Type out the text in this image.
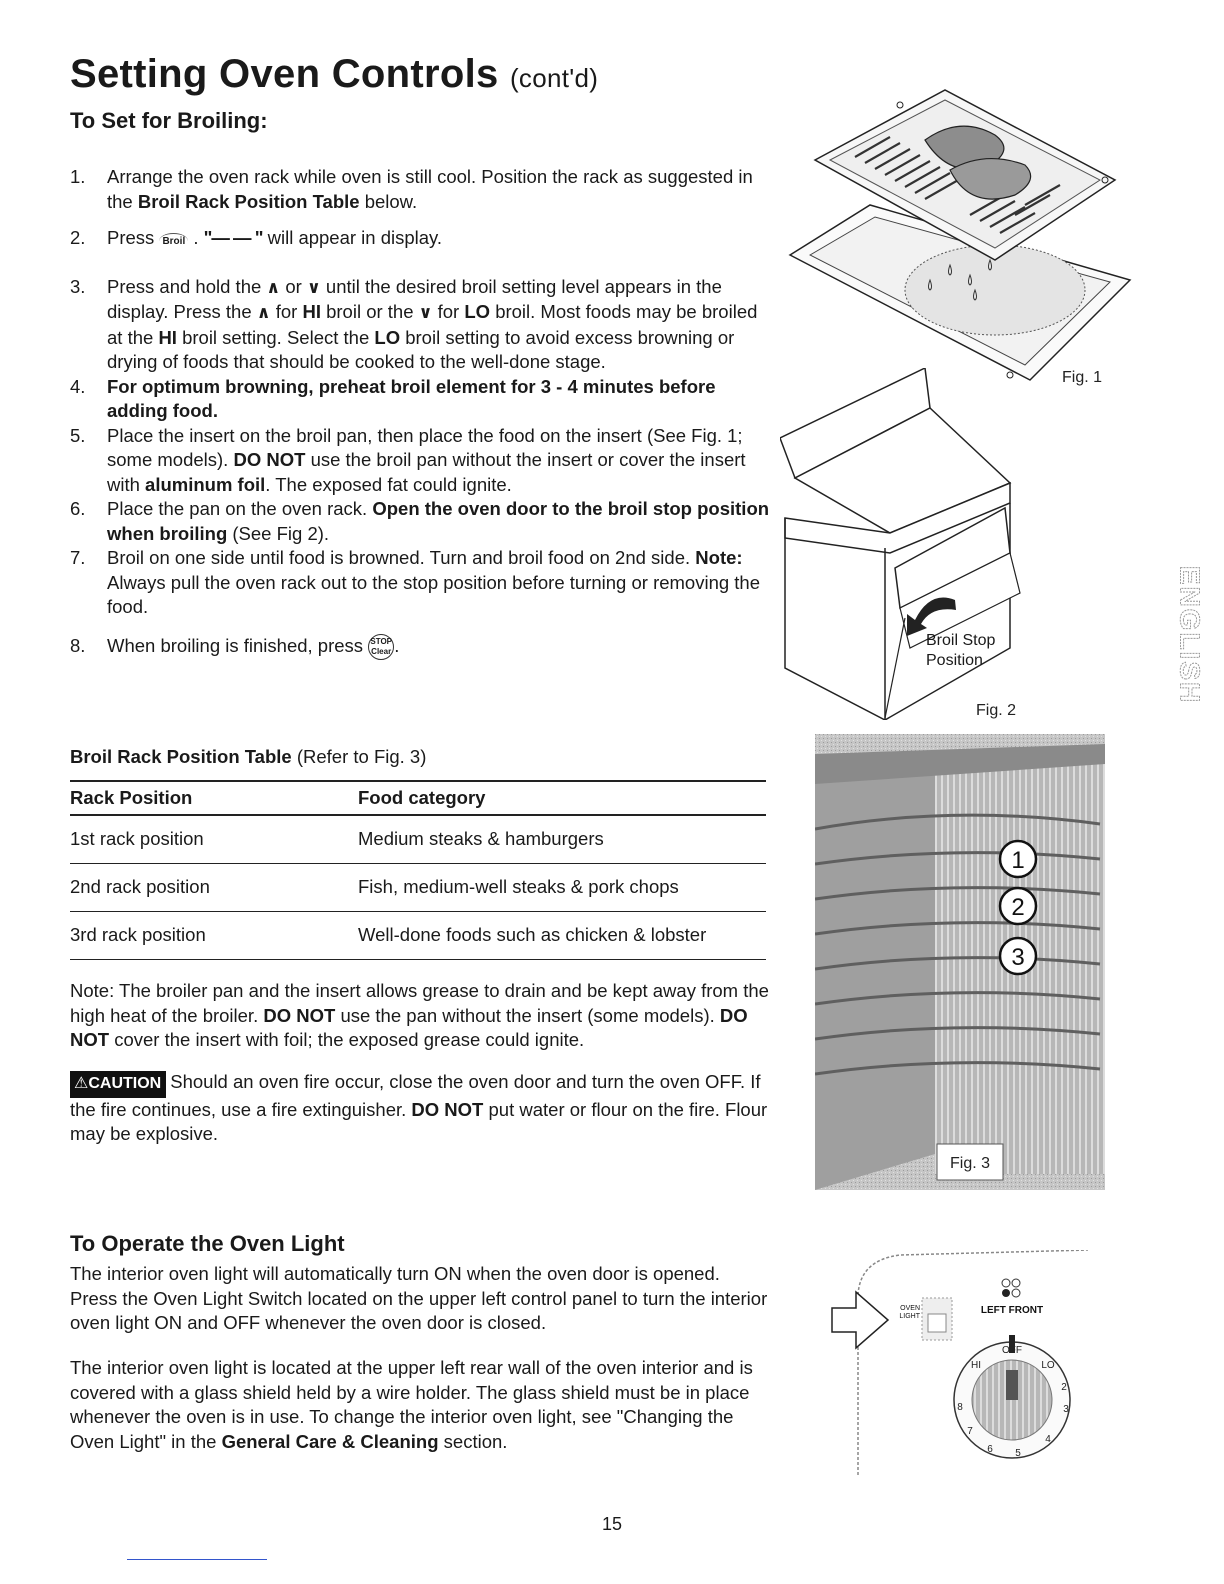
Setting Oven Controls (cont'd)
To Set for Broiling:
1. Arrange the oven rack while oven is still cool. Position the rack as suggested in the Broil Rack Position Table below.
2. Press Broil . "— — " will appear in display.
3. Press and hold the ∧ or ∨ until the desired broil setting level appears in the display. Press the ∧ for HI broil or the ∨ for LO broil. Most foods may be broiled at the HI broil setting. Select the LO broil setting to avoid excess browning or drying of foods that should be cooked to the well-done stage.
4. For optimum browning, preheat broil element for 3 - 4 minutes before adding food.
5. Place the insert on the broil pan, then place the food on the insert (See Fig. 1; some models). DO NOT use the broil pan without the insert or cover the insert with aluminum foil. The exposed fat could ignite.
6. Place the pan on the oven rack. Open the oven door to the broil stop position when broiling (See Fig 2).
7. Broil on one side until food is browned. Turn and broil food on 2nd side. Note: Always pull the oven rack out to the stop position before turning or removing the food.
8. When broiling is finished, press STOP
Clear .
Broil Rack Position Table (Refer to Fig. 3)
Rack Position	Food category
1st rack position	Medium steaks & hamburgers
2nd rack position	Fish, medium-well steaks & pork chops
3rd rack position	Well-done foods such as chicken & lobster
Note: The broiler pan and the insert allows grease to drain and be kept away from the high heat of the broiler. DO NOT use the pan without the insert (some models). DO NOT cover the insert with foil; the exposed grease could ignite.
⚠CAUTION Should an oven fire occur, close the oven door and turn the oven OFF. If the fire continues, use a fire extinguisher. DO NOT put water or flour on the fire. Flour may be explosive.
To Operate the Oven Light
The interior oven light will automatically turn ON when the oven door is opened. Press the Oven Light Switch located on the upper left control panel to turn the interior oven light ON and OFF whenever the oven door is closed.
The interior oven light is located at the upper left rear wall of the oven interior and is covered with a glass shield held by a wire holder. The glass shield must be in place whenever the oven is in use. To change the interior oven light, see "Changing the Oven Light" in the General Care & Cleaning section.
15
ENGLISH
Fig. 1
Broil Stop
Position
Fig. 2
1
2
3
Fig. 3
OVEN
LIGHT
LEFT FRONT
OFF
LO
HI
2
3
4
5
6
7
8
